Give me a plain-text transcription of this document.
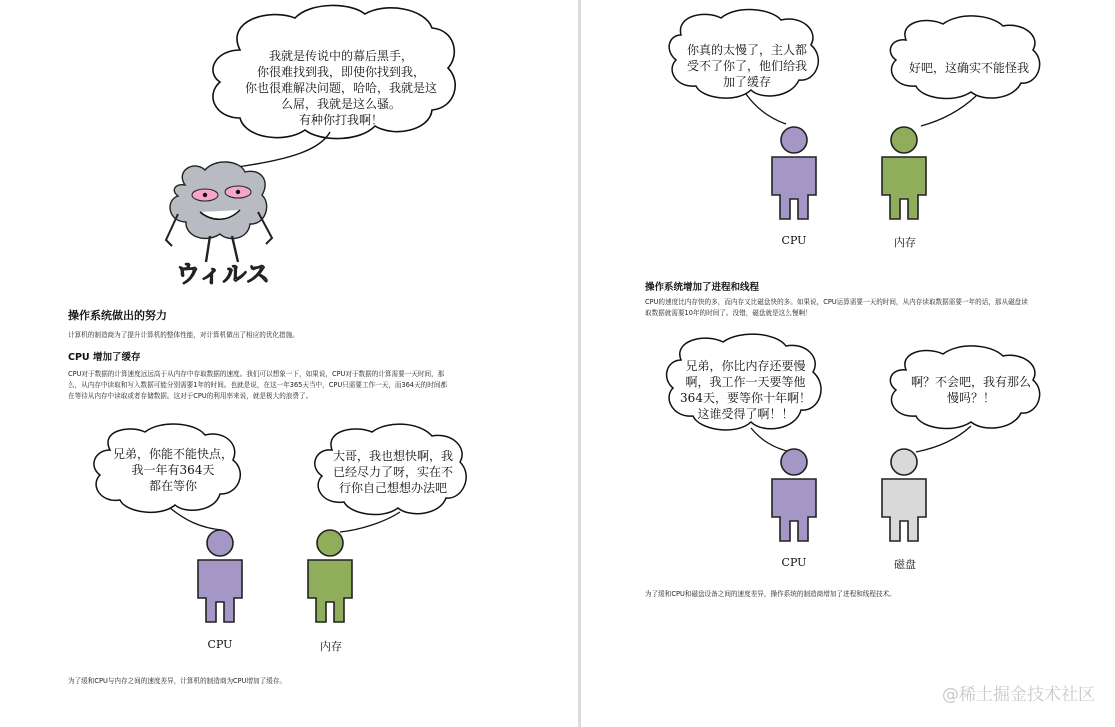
我就是传说中的幕后黑手，
你很难找到我，即使你找到我，
你也很难解决问题，哈哈，我就是这
么屌，我就是这么骚。
有种你打我啊！
ウィルス
操作系统做出的努力
计算机的制造商为了提升计算机的整体性能，对计算机做出了相应的优化措施。
CPU 增加了缓存
CPU对于数据的计算速度远远高于从内存中存取数据的速度。我们可以想象一下，如果说，CPU对于数据的计算需要一天时间，那
么，从内存中读取和写入数据可能分别需要1年的时间。也就是说，在这一年365天当中，CPU只需要工作一天，而364天的时间都
在等待从内存中读取或者存储数据。这对于CPU的利用率来说，就是极大的浪费了。
兄弟，你能不能快点，
我一年有364天
都在等你
大哥，我也想快啊，我
已经尽力了呀，实在不
行你自己想想办法吧
CPU	内存
为了缓和CPU与内存之间的速度差异，计算机的制造商为CPU增加了缓存。
你真的太慢了，主人都
受不了你了，他们给我
加了缓存
好吧，这确实不能怪我
CPU	内存
操作系统增加了进程和线程
CPU的速度比内存快的多，而内存又比磁盘快的多。如果说，CPU运算需要一天的时间，从内存读取数据需要一年的话，那从磁盘读
取数据就需要10年的时间了。没错，磁盘就是这么慢啊！
兄弟，你比内存还要慢
啊，我工作一天要等他
364天，要等你十年啊！
这谁受得了啊！！
啊？不会吧，我有那么
慢吗？！
CPU	磁盘
为了缓和CPU和磁盘设备之间的速度差异，操作系统的制造商增加了进程和线程技术。
@稀土掘金技术社区
